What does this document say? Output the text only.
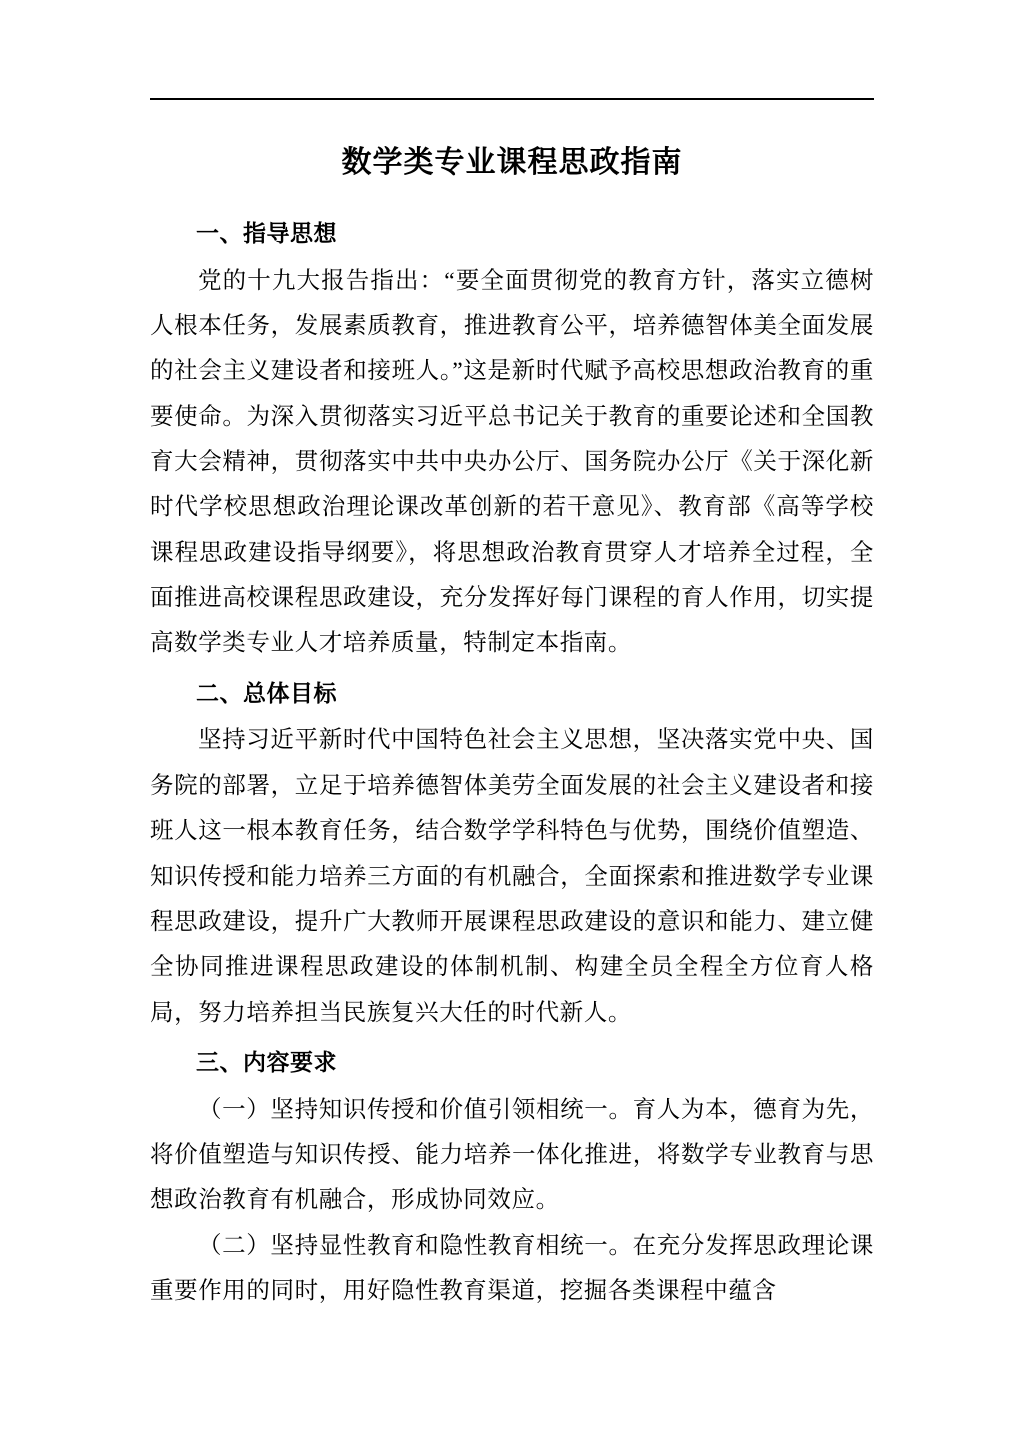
数学类专业课程思政指南
一、指导思想

党的十九大报告指出：“要全面贯彻党的教育方针，落实立德树人根本任务，发展素质教育，推进教育公平，培养德智体美全面发展的社会主义建设者和接班人。”这是新时代赋予高校思想政治教育的重要使命。为深入贯彻落实习近平总书记关于教育的重要论述和全国教育大会精神，贯彻落实中共中央办公厅、国务院办公厅《关于深化新时代学校思想政治理论课改革创新的若干意见》、教育部《高等学校课程思政建设指导纲要》，将思想政治教育贯穿人才培养全过程，全面推进高校课程思政建设，充分发挥好每门课程的育人作用，切实提高数学类专业人才培养质量，特制定本指南。

二、总体目标

坚持习近平新时代中国特色社会主义思想，坚决落实党中央、国务院的部署，立足于培养德智体美劳全面发展的社会主义建设者和接班人这一根本教育任务，结合数学学科特色与优势，围绕价值塑造、知识传授和能力培养三方面的有机融合，全面探索和推进数学专业课程思政建设，提升广大教师开展课程思政建设的意识和能力、建立健全协同推进课程思政建设的体制机制、构建全员全程全方位育人格局，努力培养担当民族复兴大任的时代新人。

三、内容要求

（一）坚持知识传授和价值引领相统一。育人为本，德育为先，将价值塑造与知识传授、能力培养一体化推进，将数学专业教育与思想政治教育有机融合，形成协同效应。

（二）坚持显性教育和隐性教育相统一。在充分发挥思政理论课重要作用的同时，用好隐性教育渠道，挖掘各类课程中蕴含
